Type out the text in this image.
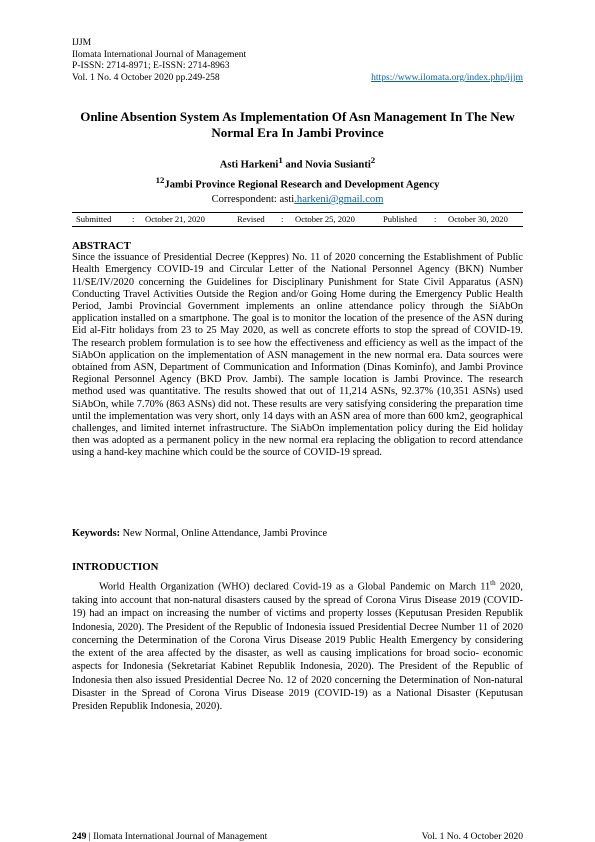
IJJM
Ilomata International Journal of Management
P-ISSN: 2714-8971; E-ISSN: 2714-8963
Vol. 1 No. 4 October 2020 pp.249-258	https://www.ilomata.org/index.php/ijjm
Online Absention System As Implementation Of Asn Management In The New Normal Era In Jambi Province
Asti Harkeni$^1$ and Novia Susianti$^2$
$^{12}$Jambi Province Regional Research and Development Agency
Correspondent: asti.harkeni@gmail.com
Submitted : October 21, 2020	Revised : October 25, 2020	Published : October 30, 2020
ABSTRACT
Since the issuance of Presidential Decree (Keppres) No. 11 of 2020 concerning the Establishment of Public Health Emergency COVID-19 and Circular Letter of the National Personnel Agency (BKN) Number 11/SE/IV/2020 concerning the Guidelines for Disciplinary Punishment for State Civil Apparatus (ASN) Conducting Travel Activities Outside the Region and/or Going Home during the Emergency Public Health Period, Jambi Provincial Government implements an online attendance policy through the SiAbOn application installed on a smartphone. The goal is to monitor the location of the presence of the ASN during Eid al-Fitr holidays from 23 to 25 May 2020, as well as concrete efforts to stop the spread of COVID-19. The research problem formulation is to see how the effectiveness and efficiency as well as the impact of the SiAbOn application on the implementation of ASN management in the new normal era. Data sources were obtained from ASN, Department of Communication and Information (Dinas Kominfo), and Jambi Province Regional Personnel Agency (BKD Prov. Jambi). The sample location is Jambi Province. The research method used was quantitative. The results showed that out of 11,214 ASNs, 92.37% (10,351 ASNs) used SiAbOn, while 7.70% (863 ASNs) did not. These results are very satisfying considering the preparation time until the implementation was very short, only 14 days with an ASN area of more than 600 km2, geographical challenges, and limited internet infrastructure. The SiAbOn implementation policy during the Eid holiday then was adopted as a permanent policy in the new normal era replacing the obligation to record attendance using a hand-key machine which could be the source of COVID-19 spread.
Keywords: New Normal, Online Attendance, Jambi Province
INTRODUCTION

World Health Organization (WHO) declared Covid-19 as a Global Pandemic on March 11th 2020, taking into account that non-natural disasters caused by the spread of Corona Virus Disease 2019 (COVID-19) had an impact on increasing the number of victims and property losses (Keputusan Presiden Republik Indonesia, 2020). The President of the Republic of Indonesia issued Presidential Decree Number 11 of 2020 concerning the Determination of the Corona Virus Disease 2019 Public Health Emergency by considering the extent of the area affected by the disaster, as well as causing implications for broad socio- economic aspects for Indonesia (Sekretariat Kabinet Republik Indonesia, 2020). The President of the Republic of Indonesia then also issued Presidential Decree No. 12 of 2020 concerning the Determination of Non-natural Disaster in the Spread of Corona Virus Disease 2019 (COVID-19) as a National Disaster (Keputusan Presiden Republik Indonesia, 2020).

249 | Ilomata International Journal of Management	Vol. 1 No. 4 October 2020
